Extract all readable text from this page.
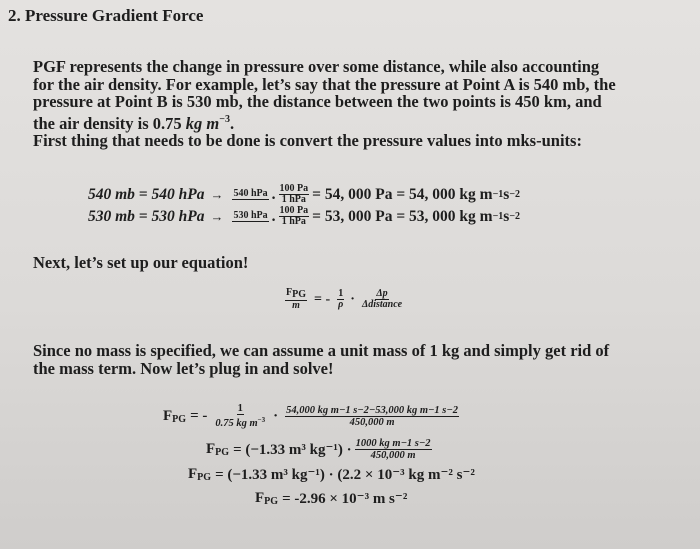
2. Pressure Gradient Force
PGF represents the change in pressure over some distance, while also accounting
for the air density. For example, let’s say that the pressure at Point A is 540 mb, the
pressure at Point B is 530 mb, the distance between the two points is 450 km, and
the air density is 0.75 kg $m^{-3}$.
First thing that needs to be done is convert the pressure values into mks-units:
540 mb = 540 hPa → 540 hPa . $\frac{100 Pa}{\text{1 hPa}} = 54$, 000 Pa = 54, 000 kg m −1 s −2
530 mb = 530 hPa → 530 hPa . $\frac{100 Pa}{\text{1 hPa}} = 53$, 000 Pa = 53, 000 kg m −1 s −2
Next, let’s set up our equation!
$\frac{\text{FPG}}{m}$ = - $\frac{1}{\rho} \cdot \frac{\Delta p}{\text{Δdistance}}$
Since no mass is specified, we can assume a unit mass of 1 kg and simply get rid of
the mass term. Now let’s plug in and solve!
$F_{PG}$ = - $\frac{1}{0.75 kg m^{-3}} \cdot \frac{\text{54,000 kg m−1 s−2−53,000 kg m−1 s−2}}{450,000 m}$
$F_{PG} = (-1.33$ m³ $kg^{-1}) \cdot \frac{\text{1000 kg m−1 s−2}}{450,000 m}$
$F_{PG} = (-1.33$ m³ kg⁻¹) · (2.2 × 10⁻³ kg m⁻² s⁻²
$F_{PG} = -2.96 \times 10^{-3}$ m s⁻²
